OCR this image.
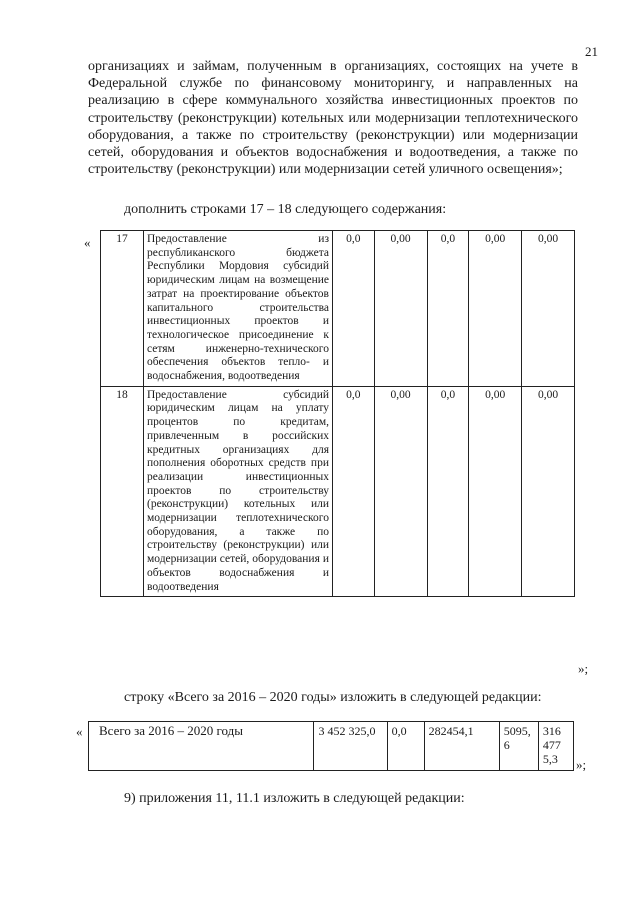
21
организациях и займам, полученным в организациях, состоящих на учете в Федеральной службе по финансовому мониторингу, и направленных на реализацию в сфере коммунального хозяйства инвестиционных проектов по строительству (реконструкции) котельных или модернизации теплотехнического оборудования, а также по строительству (реконструкции) или модернизации сетей, оборудования и объектов водоснабжения и водоотведения, а также по строительству (реконструкции) или модернизации сетей уличного освещения»;
дополнить строками 17 – 18 следующего содержания:
« 17	Предоставление из республиканского бюджета Республики Мордовия субсидий юридическим лицам на возмещение затрат на проектирование объектов капитального строительства инвестиционных проектов и технологическое присоединение к сетям инженерно-технического обеспечения объектов тепло- и водоснабжения, водоотведения	0,0	0,00	0,0	0,00	0,00
18	Предоставление субсидий юридическим лицам на уплату процентов по кредитам, привлеченным в российских кредитных организациях для пополнения оборотных средств при реализации инвестиционных проектов по строительству (реконструкции) котельных или модернизации теплотехнического оборудования, а также по строительству (реконструкции) или модернизации сетей, оборудования и объектов водоснабжения и водоотведения	0,0	0,00	0,0	0,00	0,00
»;
строку «Всего за 2016 – 2020 годы» изложить в следующей редакции:
« Всего за 2016 – 2020 годы	3 452 325,0	0,0	282454,1	5095, 6	316 477 5,3 »;
9) приложения 11, 11.1 изложить в следующей редакции:
